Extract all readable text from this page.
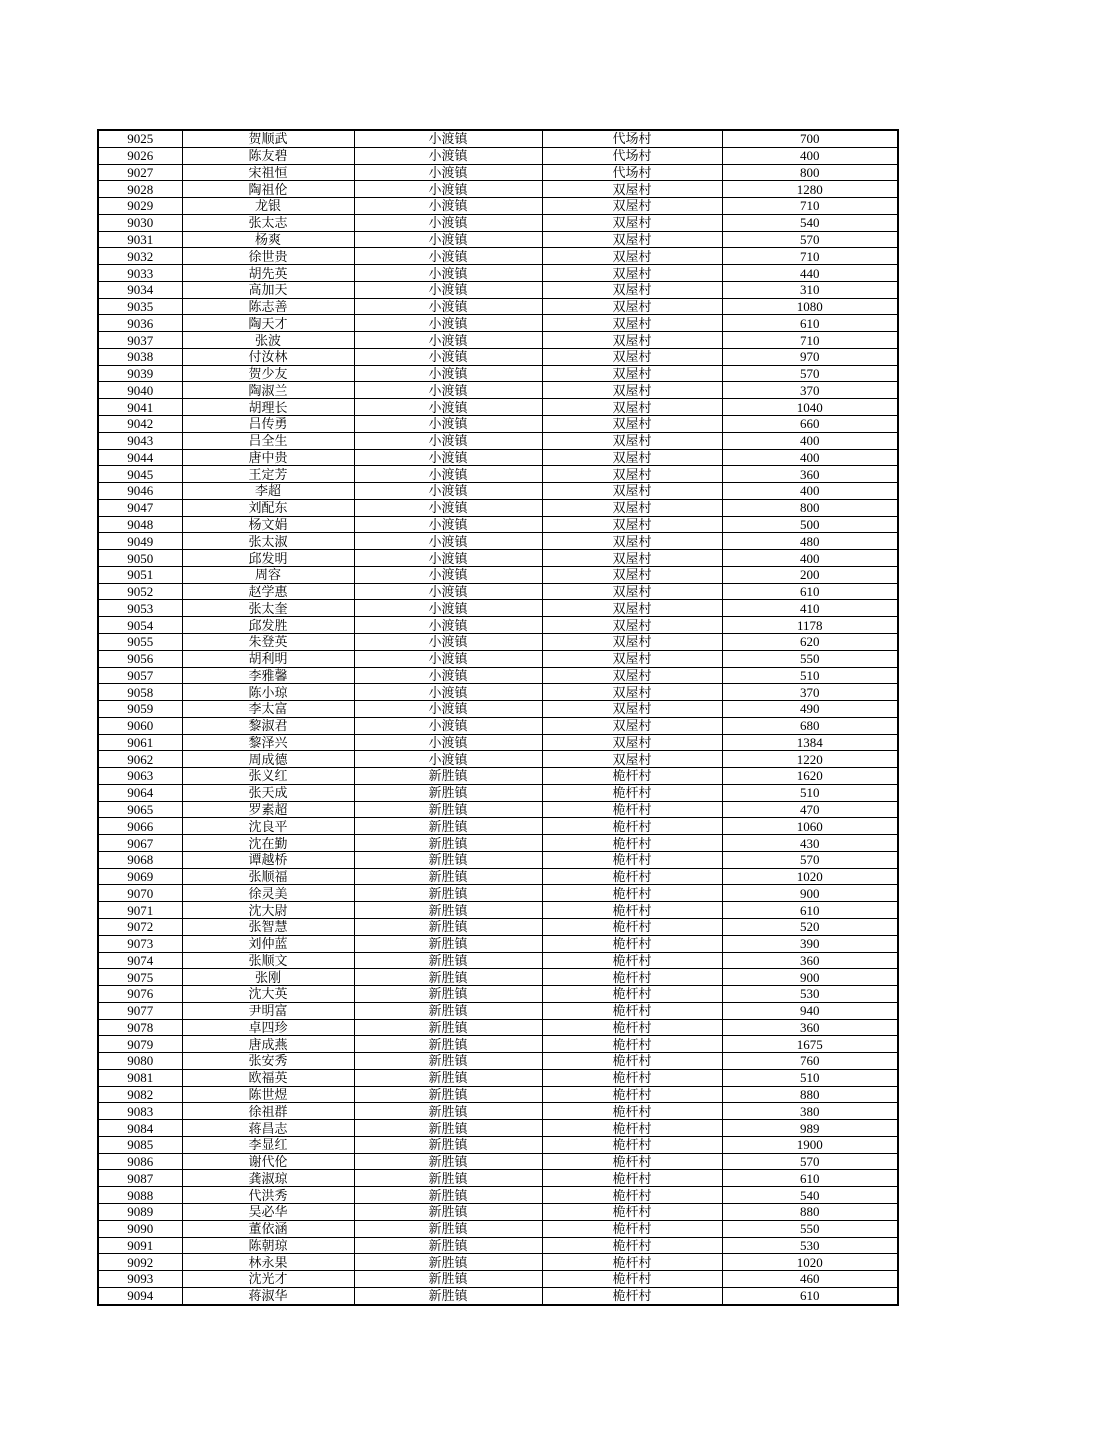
9025	贺顺武	小渡镇	代场村	700
9026	陈友碧	小渡镇	代场村	400
9027	宋祖恒	小渡镇	代场村	800
9028	陶祖伦	小渡镇	双屋村	1280
9029	龙银	小渡镇	双屋村	710
9030	张太志	小渡镇	双屋村	540
9031	杨爽	小渡镇	双屋村	570
9032	徐世贵	小渡镇	双屋村	710
9033	胡先英	小渡镇	双屋村	440
9034	高加天	小渡镇	双屋村	310
9035	陈志善	小渡镇	双屋村	1080
9036	陶天才	小渡镇	双屋村	610
9037	张波	小渡镇	双屋村	710
9038	付汝林	小渡镇	双屋村	970
9039	贺少友	小渡镇	双屋村	570
9040	陶淑兰	小渡镇	双屋村	370
9041	胡理长	小渡镇	双屋村	1040
9042	吕传勇	小渡镇	双屋村	660
9043	吕全生	小渡镇	双屋村	400
9044	唐中贵	小渡镇	双屋村	400
9045	王定芳	小渡镇	双屋村	360
9046	李超	小渡镇	双屋村	400
9047	刘配东	小渡镇	双屋村	800
9048	杨文娟	小渡镇	双屋村	500
9049	张太淑	小渡镇	双屋村	480
9050	邱发明	小渡镇	双屋村	400
9051	周容	小渡镇	双屋村	200
9052	赵学惠	小渡镇	双屋村	610
9053	张太奎	小渡镇	双屋村	410
9054	邱发胜	小渡镇	双屋村	1178
9055	朱登英	小渡镇	双屋村	620
9056	胡利明	小渡镇	双屋村	550
9057	李雅馨	小渡镇	双屋村	510
9058	陈小琼	小渡镇	双屋村	370
9059	李太富	小渡镇	双屋村	490
9060	黎淑君	小渡镇	双屋村	680
9061	黎泽兴	小渡镇	双屋村	1384
9062	周成德	小渡镇	双屋村	1220
9063	张义红	新胜镇	桅杆村	1620
9064	张天成	新胜镇	桅杆村	510
9065	罗素超	新胜镇	桅杆村	470
9066	沈良平	新胜镇	桅杆村	1060
9067	沈在勤	新胜镇	桅杆村	430
9068	谭越桥	新胜镇	桅杆村	570
9069	张顺福	新胜镇	桅杆村	1020
9070	徐灵美	新胜镇	桅杆村	900
9071	沈大尉	新胜镇	桅杆村	610
9072	张智慧	新胜镇	桅杆村	520
9073	刘仲蓝	新胜镇	桅杆村	390
9074	张顺文	新胜镇	桅杆村	360
9075	张刚	新胜镇	桅杆村	900
9076	沈大英	新胜镇	桅杆村	530
9077	尹明富	新胜镇	桅杆村	940
9078	卓四珍	新胜镇	桅杆村	360
9079	唐成燕	新胜镇	桅杆村	1675
9080	张安秀	新胜镇	桅杆村	760
9081	欧福英	新胜镇	桅杆村	510
9082	陈世煜	新胜镇	桅杆村	880
9083	徐祖群	新胜镇	桅杆村	380
9084	蒋昌志	新胜镇	桅杆村	989
9085	李显红	新胜镇	桅杆村	1900
9086	谢代伦	新胜镇	桅杆村	570
9087	龚淑琼	新胜镇	桅杆村	610
9088	代洪秀	新胜镇	桅杆村	540
9089	吴必华	新胜镇	桅杆村	880
9090	董依涵	新胜镇	桅杆村	550
9091	陈朝琼	新胜镇	桅杆村	530
9092	林永果	新胜镇	桅杆村	1020
9093	沈光才	新胜镇	桅杆村	460
9094	蒋淑华	新胜镇	桅杆村	610
